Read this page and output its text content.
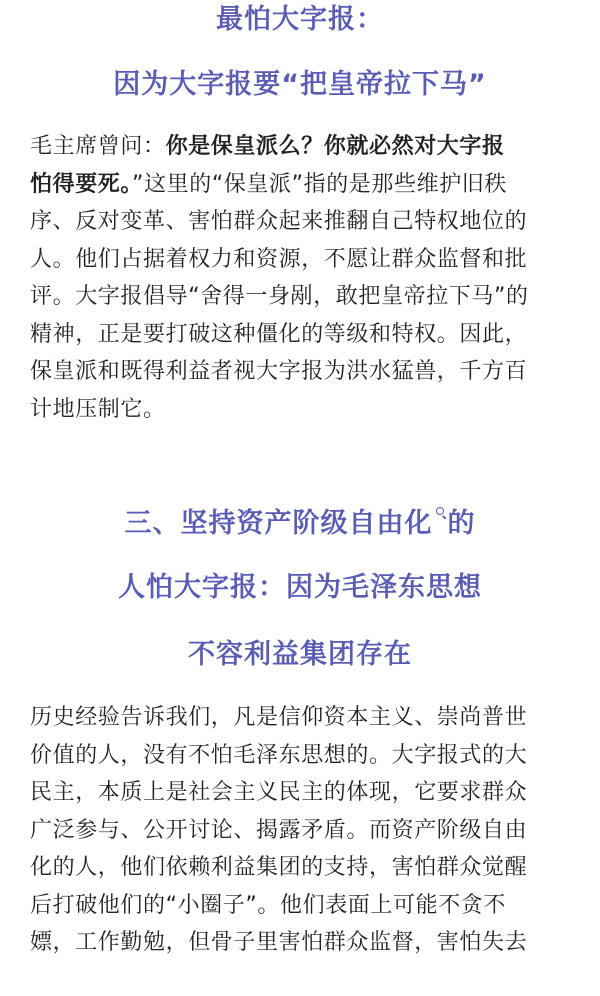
最怕大字报：
因为大字报要“把皇帝拉下马”
毛主席曾问：你是保皇派么？你就必然对大字报
怕得要死。”这里的“保皇派”指的是那些维护旧秩
序、反对变革、害怕群众起来推翻自己特权地位的
人。他们占据着权力和资源，不愿让群众监督和批
评。大字报倡导“舍得一身剐，敢把皇帝拉下马”的
精神，正是要打破这种僵化的等级和特权。因此，
保皇派和既得利益者视大字报为洪水猛兽，千方百
计地压制它。
三、坚持资产阶级自由化 的
人怕大字报：因为毛泽东思想
不容利益集团存在
历史经验告诉我们，凡是信仰资本主义、崇尚普世
价值的人，没有不怕毛泽东思想的。大字报式的大
民主，本质上是社会主义民主的体现，它要求群众
广泛参与、公开讨论、揭露矛盾。而资产阶级自由
化的人，他们依赖利益集团的支持，害怕群众觉醒
后打破他们的“小圈子”。他们表面上可能不贪不
嫖，工作勤勉，但骨子里害怕群众监督，害怕失去
